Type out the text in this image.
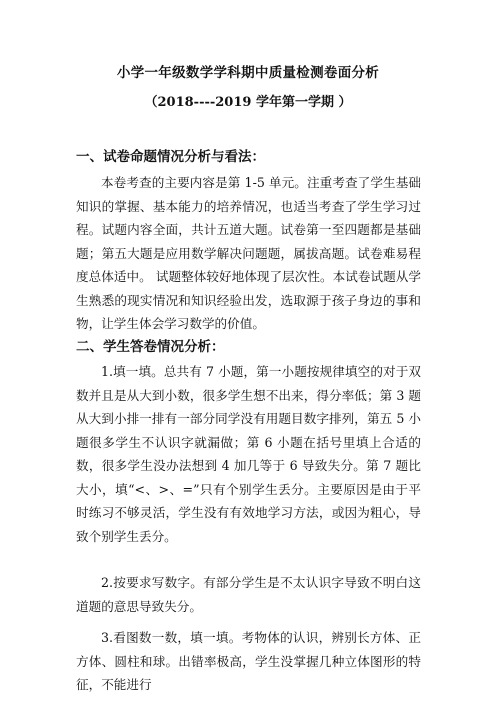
小学一年级数学学科期中质量检测卷面分析
（2018----2019 学年第一学期 ）
一、试卷命题情况分析与看法：

本卷考查的主要内容是第 1-5 单元。注重考查了学生基础知识的掌握、基本能力的培养情况，也适当考查了学生学习过程。试题内容全面，共计五道大题。试卷第一至四题都是基础题；第五大题是应用数学解决问题题，属拔高题。试卷难易程度总体适中。 试题整体较好地体现了层次性。本试卷试题从学生熟悉的现实情况和知识经验出发，选取源于孩子身边的事和物，让学生体会学习数学的价值。

二、学生答卷情况分析：

1.填一填。总共有 7 小题，第一小题按规律填空的对于双数并且是从大到小数，很多学生想不出来，得分率低；第 3 题从大到小排一排有一部分同学没有用题目数字排列，第五 5 小题很多学生不认识字就漏做；第 6 小题在括号里填上合适的数，很多学生没办法想到 4 加几等于 6 导致失分。第 7 题比大小，填“<、>、=”只有个别学生丢分。主要原因是由于平时练习不够灵活，学生没有有效地学习方法，或因为粗心，导致个别学生丢分。

2.按要求写数字。有部分学生是不太认识字导致不明白这道题的意思导致失分。

3.看图数一数，填一填。考物体的认识，辨别长方体、正方体、圆柱和球。出错率极高，学生没掌握几种立体图形的特征，不能进行
